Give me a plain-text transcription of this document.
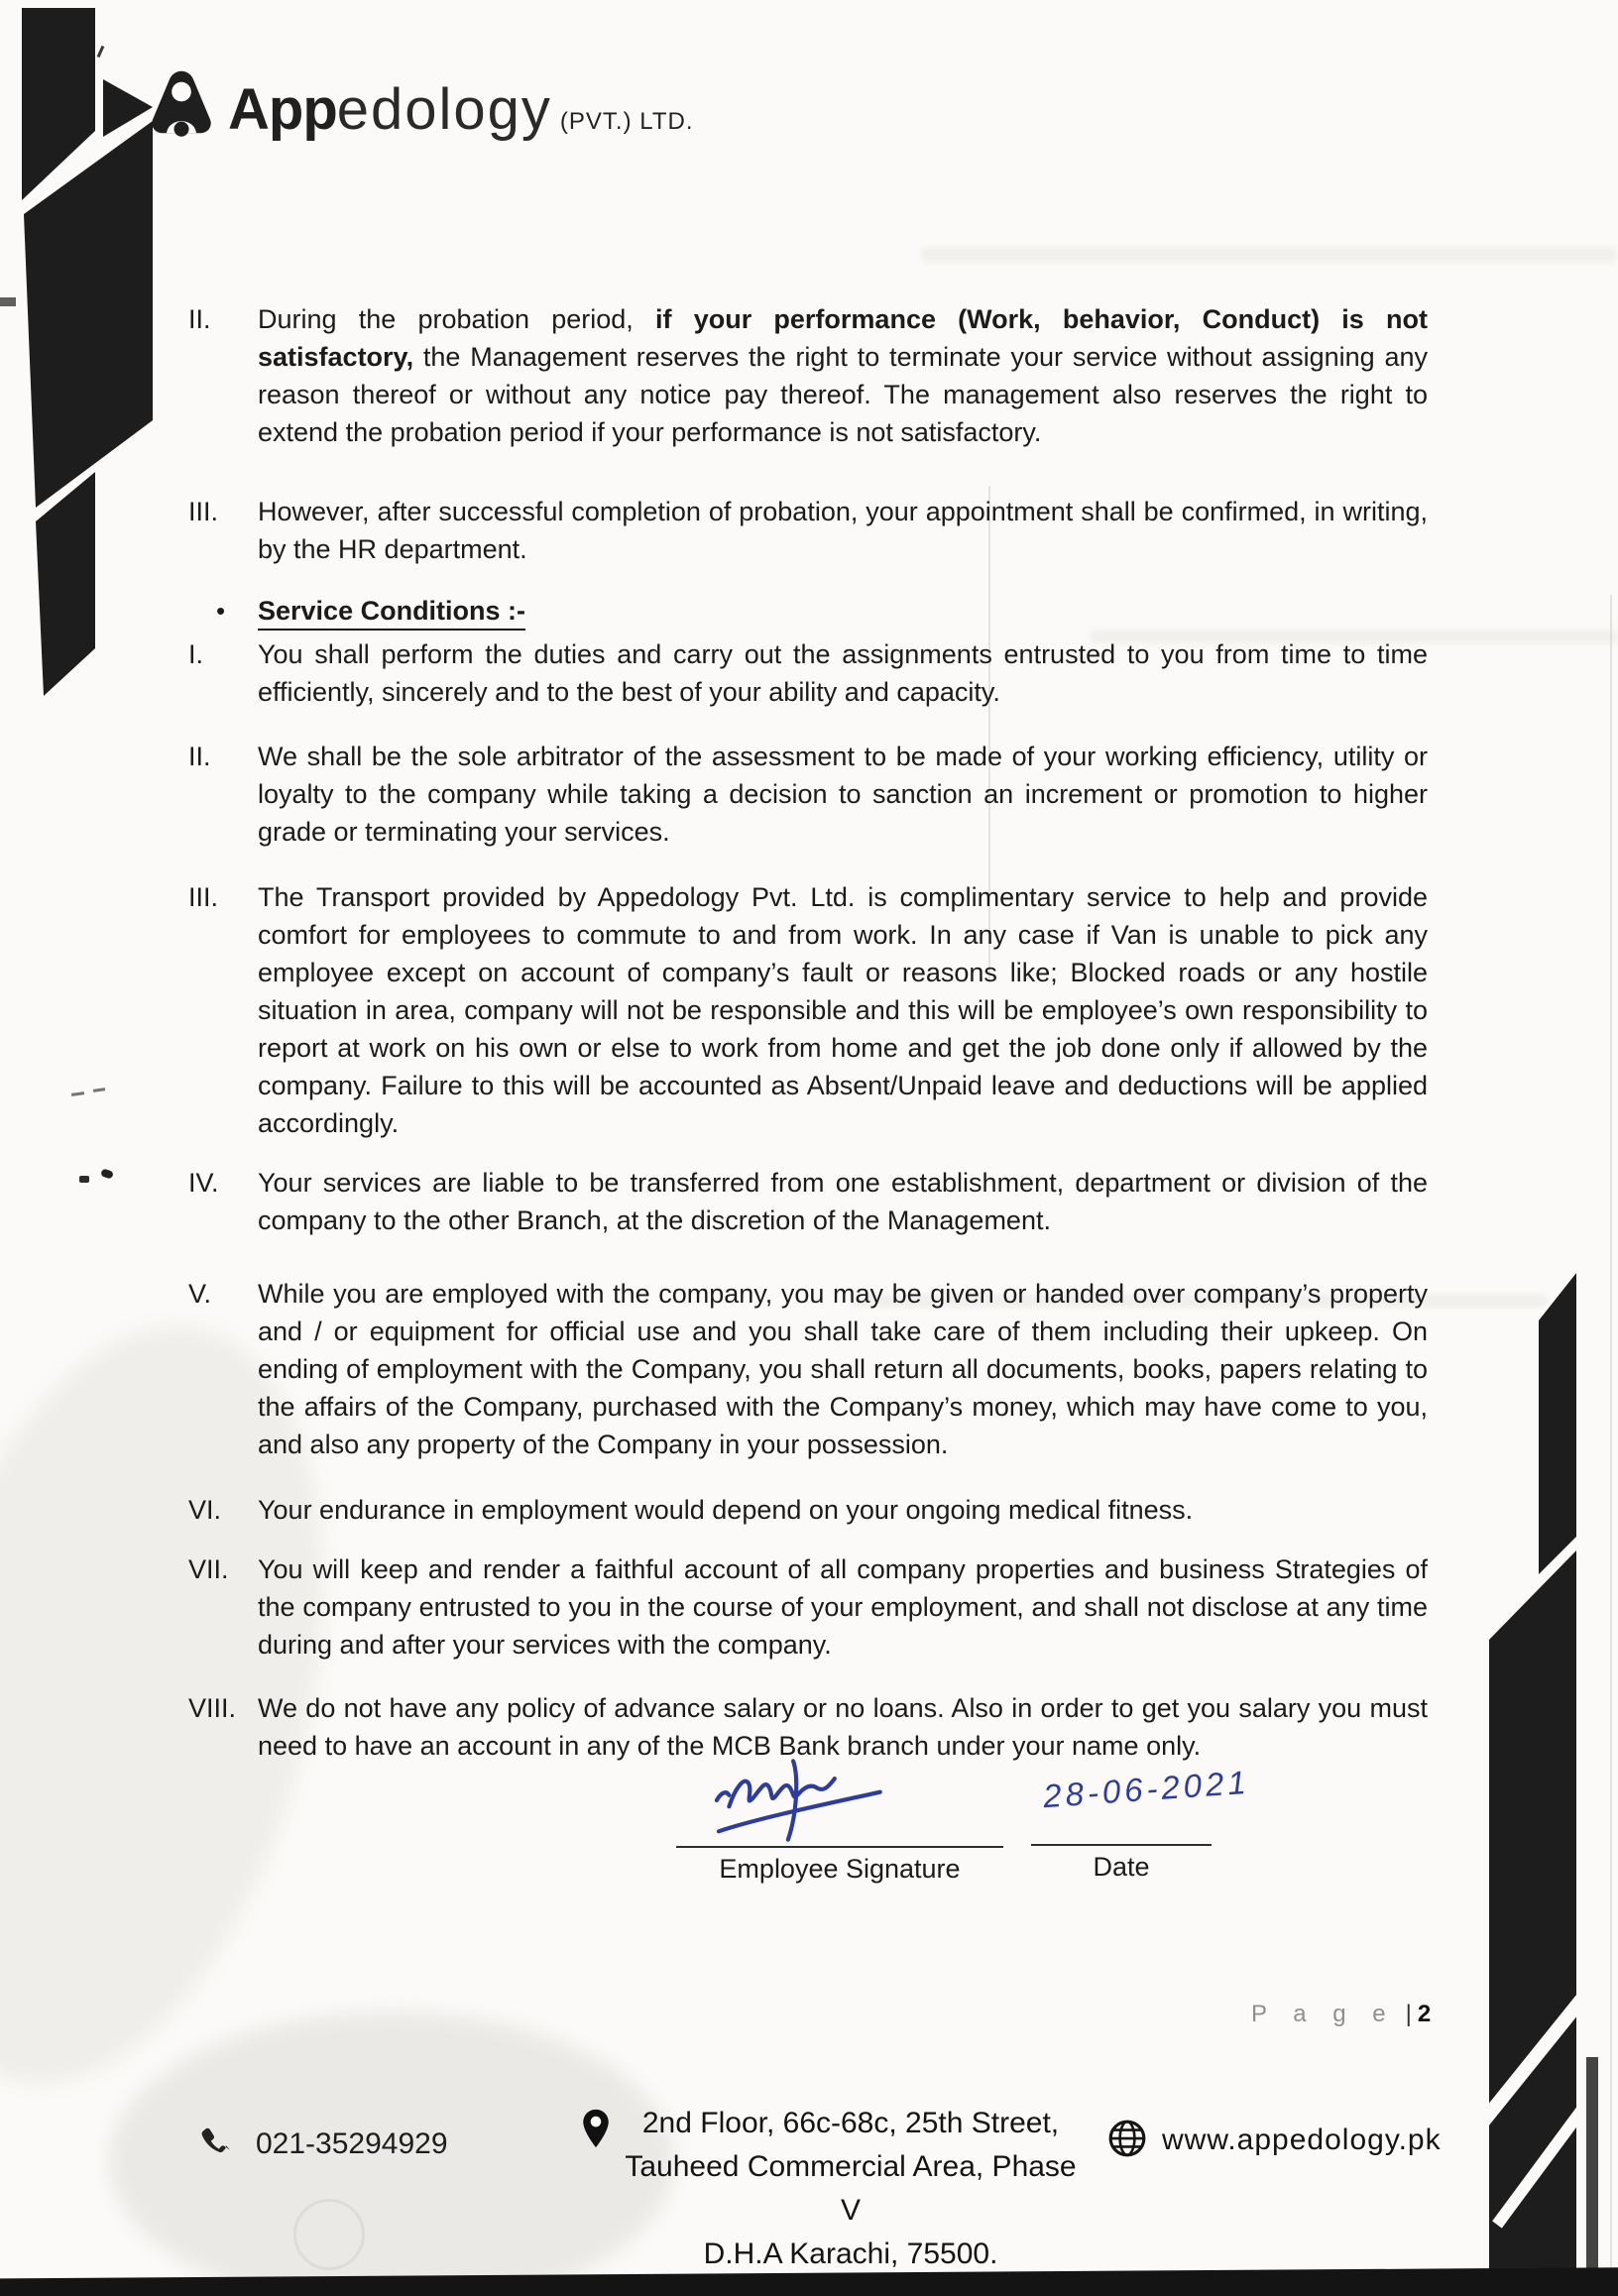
App edology (PVT.) LTD.
II.	During the probation period, if your performance (Work, behavior, Conduct) is not satisfactory, the Management reserves the right to terminate your service without assigning any reason thereof or without any notice pay thereof. The management also reserves the right to extend the probation period if your performance is not satisfactory.
III.	However, after successful completion of probation, your appointment shall be confirmed, in writing, by the HR department.
•	Service Conditions :-
I.	You shall perform the duties and carry out the assignments entrusted to you from time to time efficiently, sincerely and to the best of your ability and capacity.
II.	We shall be the sole arbitrator of the assessment to be made of your working efficiency, utility or loyalty to the company while taking a decision to sanction an increment or promotion to higher grade or terminating your services.
III.	The Transport provided by Appedology Pvt. Ltd. is complimentary service to help and provide comfort for employees to commute to and from work. In any case if Van is unable to pick any employee except on account of company’s fault or reasons like; Blocked roads or any hostile situation in area, company will not be responsible and this will be employee’s own responsibility to report at work on his own or else to work from home and get the job done only if allowed by the company. Failure to this will be accounted as Absent/Unpaid leave and deductions will be applied accordingly.
IV.	Your services are liable to be transferred from one establishment, department or division of the company to the other Branch, at the discretion of the Management.
V.	While you are employed with the company, you may be given or handed over company’s property and / or equipment for official use and you shall take care of them including their upkeep. On ending of employment with the Company, you shall return all documents, books, papers relating to the affairs of the Company, purchased with the Company’s money, which may have come to you, and also any property of the Company in your possession.
VI.	Your endurance in employment would depend on your ongoing medical fitness.
VII.	You will keep and render a faithful account of all company properties and business Strategies of the company entrusted to you in the course of your employment, and shall not disclose at any time during and after your services with the company.
VIII. We do not have any policy of advance salary or no loans. Also in order to get you salary you must need to have an account in any of the MCB Bank branch under your name only.
Employee Signature
28-06-2021
Date
P a g e | 2
021-35294929
2nd Floor, 66c-68c, 25th Street,
Tauheed Commercial Area, Phase V
D.H.A Karachi, 75500.
www.appedology.pk
